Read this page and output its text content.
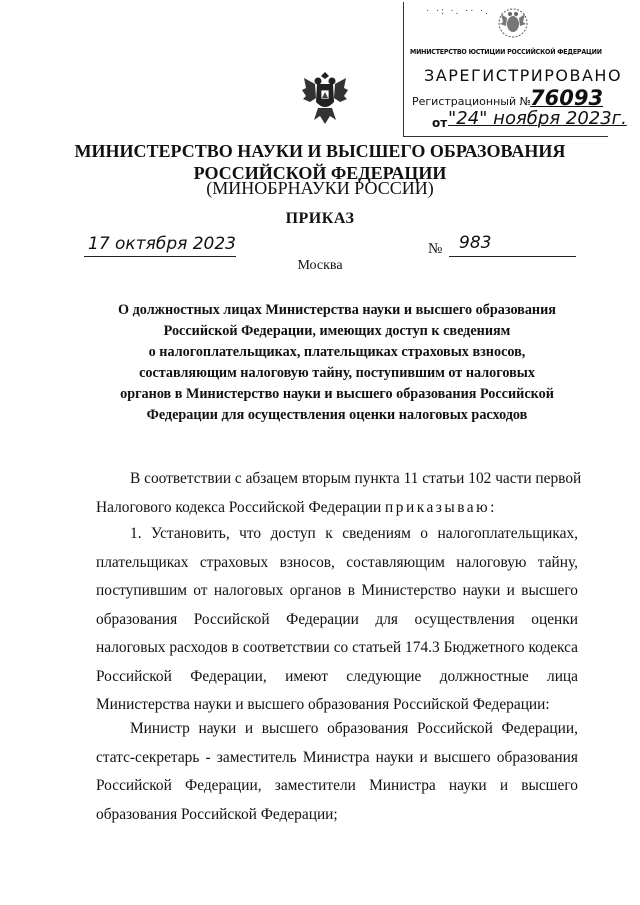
· ·: ·. ·· ·.
МИНИСТЕРСТВО ЮСТИЦИИ РОССИЙСКОЙ ФЕДЕРАЦИИ
ЗАРЕГИСТРИРОВАНО
Регистрационный №
76093
от "24" ноября 2023г.
МИНИСТЕРСТВО НАУКИ И ВЫСШЕГО ОБРАЗОВАНИЯ
РОССИЙСКОЙ ФЕДЕРАЦИИ
(МИНОБРНАУКИ РОССИИ)
ПРИКАЗ
17 октября 2023
Москва
№ 983
О должностных лицах Министерства науки и высшего образования
Российской Федерации, имеющих доступ к сведениям
о налогоплательщиках, плательщиках страховых взносов,
составляющим налоговую тайну, поступившим от налоговых
органов в Министерство науки и высшего образования Российской
Федерации для осуществления оценки налоговых расходов
В соответствии с абзацем вторым пункта 11 статьи 102 части первой
Налогового кодекса Российской Федерации приказываю:
1. Установить, что доступ к сведениям о налогоплательщиках,
плательщиках страховых взносов, составляющим налоговую тайну,
поступившим от налоговых органов в Министерство науки и высшего
образования Российской Федерации для осуществления оценки
налоговых расходов в соответствии со статьей 174.3 Бюджетного кодекса
Российской Федерации, имеют следующие должностные лица
Министерства науки и высшего образования Российской Федерации:
Министр науки и высшего образования Российской Федерации,
статс-секретарь - заместитель Министра науки и высшего образования
Российской Федерации, заместители Министра науки и высшего
образования Российской Федерации;
